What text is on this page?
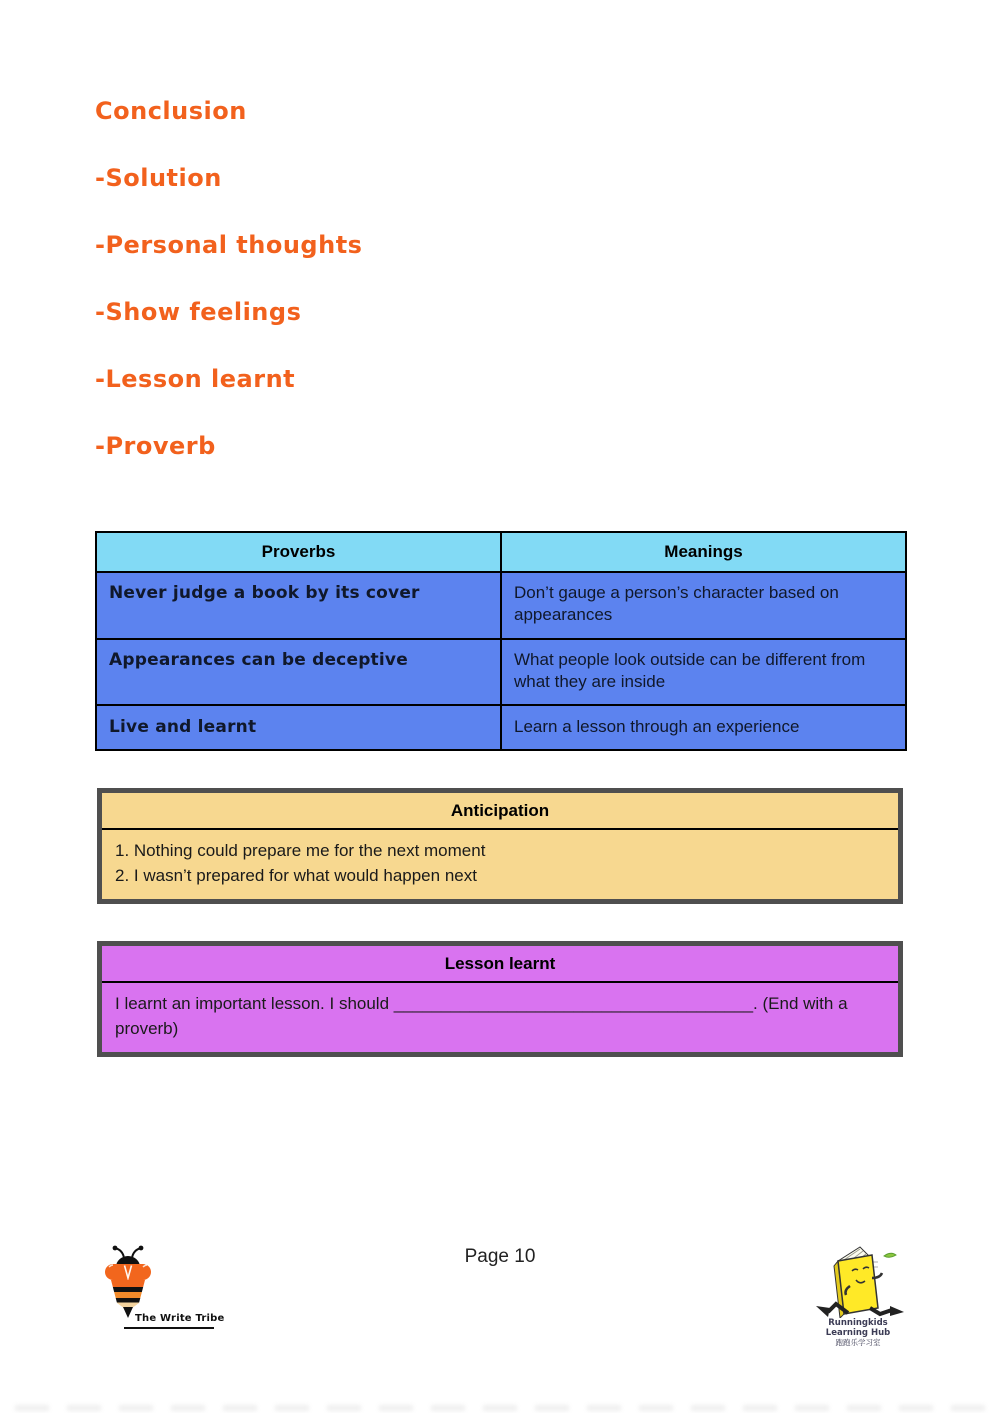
Conclusion
-Solution
-Personal thoughts
-Show feelings
-Lesson learnt
-Proverb
Proverbs	Meanings
Never judge a book by its cover	Don’t gauge a person’s character based on appearances
Appearances can be deceptive	What people look outside can be different from what they are inside
Live and learnt	Learn a lesson through an experience
Anticipation
1. Nothing could prepare me for the next moment
2. I wasn’t prepared for what would happen next
Lesson learnt
I learnt an important lesson. I should ______________________________________. (End with a proverb)
Page 10
The Write Tribe	Runningkids Learning Hub
跑跑乐学习室
